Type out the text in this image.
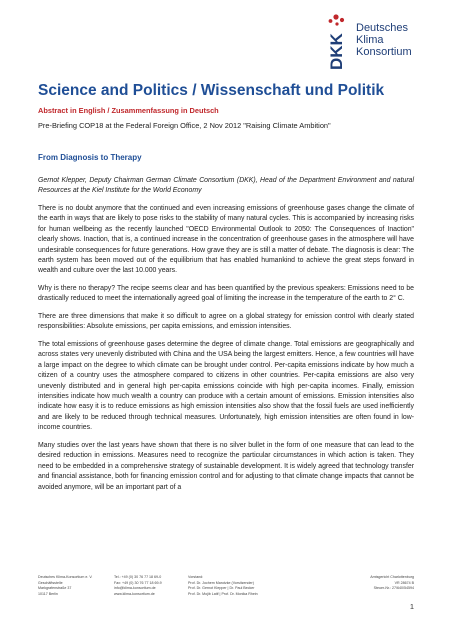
DKK
Deutsches
Klima
Konsortium
Science and Politics / Wissenschaft und Politik
Abstract in English / Zusammenfassung in Deutsch
Pre-Briefing COP18 at the Federal Foreign Office, 2 Nov 2012 "Raising Climate Ambition"
From Diagnosis to Therapy

Gernot Klepper, Deputy Chairman German Climate Consortium (DKK), Head of the Department Environment and natural Resources at the Kiel Institute for the World Economy

There is no doubt anymore that the continued and even increasing emissions of greenhouse gases change the climate of the earth in ways that are likely to pose risks to the stability of many natural cycles. This is accompanied by increasing risks for human wellbeing as the recently launched "OECD Environmental Outlook to 2050: The Consequences of Inaction" clearly shows. Inaction, that is, a continued increase in the concentration of greenhouse gases in the atmosphere will have undesirable consequences for future generations. How grave they are is still a matter of debate. The diagnosis is clear: The earth system has been moved out of the equilibrium that has enabled humankind to achieve the great steps forward in wealth and culture over the last 10.000 years.

Why is there no therapy? The recipe seems clear and has been quantified by the previous speakers: Emissions need to be drastically reduced to meet the internationally agreed goal of limiting the increase in the temperature of the earth to 2° C.

There are three dimensions that make it so difficult to agree on a global strategy for emission control with clearly stated responsibilities: Absolute emissions, per capita emissions, and emission intensities.

The total emissions of greenhouse gases determine the degree of climate change. Total emissions are geographically and across states very unevenly distributed with China and the USA being the largest emitters. Hence, a few countries will have a large impact on the degree to which climate can be brought under control. Per-capita emissions indicate by how much a citizen of a country uses the atmosphere compared to citizens in other countries. Per-capita emissions are also very unevenly distributed and in general high per-capita emissions coincide with high per-capita incomes. Finally, emission intensities indicate how much wealth a country can produce with a certain amount of emissions. Emission intensities also indicate how easy it is to reduce emissions as high emission intensities also show that the fossil fuels are used inefficiently and are likely to be reduced through technical measures. Unfortunately, high emission intensities are often found in low-income countries.

Many studies over the last years have shown that there is no silver bullet in the form of one measure that can lead to the desired reduction in emissions. Measures need to recognize the particular circumstances in which action is taken. They need to be embedded in a comprehensive strategy of sustainable development. It is widely agreed that technology transfer and financial assistance, both for financing emission control and for adjusting to that climate change impacts that cannot be avoided anymore, will be an important part of a

Deutsches Klima-Konsortium e. V.
Geschäftsstelle
Markgrafenstraße 37
10117 Berlin
Tel.: +49 (0) 30 76 77 18 69-0
Fax: +49 (0) 30 76 77 18 69-9
info@klima-konsortium.de
www.klima-konsortium.de
Vorstand:
Prof. Dr. Jochem Marotzke (Vorsitzender)
Prof. Dr. Gernot Klepper | Dr. Paul Becker
Prof. Dr. Mojib Latif | Prof. Dr. Monika Rhein
Amtsgericht Charlottenburg
VR 28674 B
Steuer-Nr.: 27/640/54594
1
